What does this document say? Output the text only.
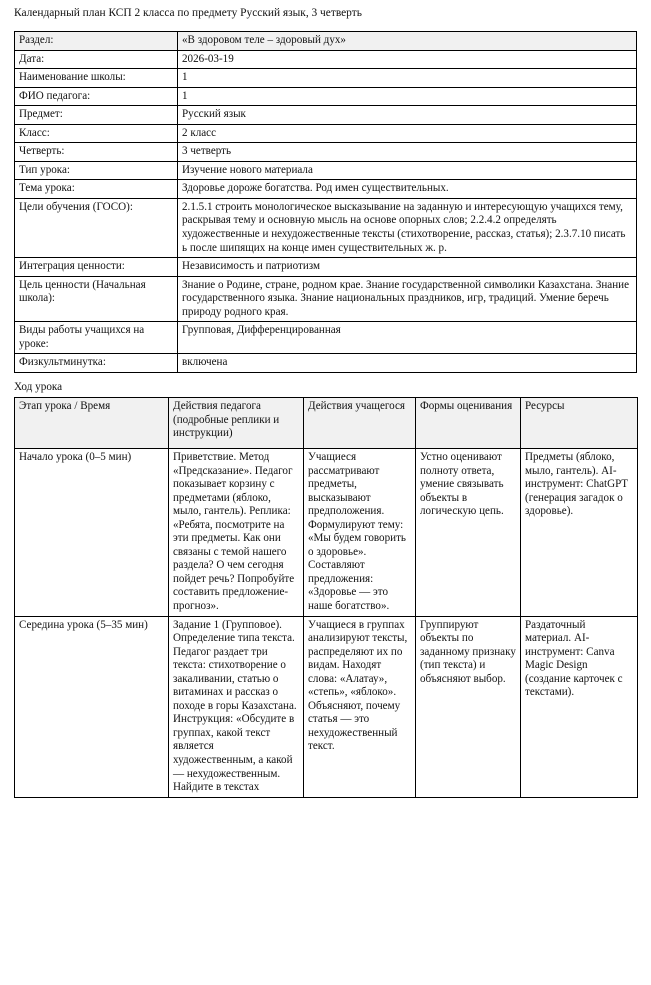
Календарный план КСП 2 класса по предмету Русский язык, 3 четверть
Раздел:	«В здоровом теле – здоровый дух»
Дата:	2026-03-19
Наименование школы:	1
ФИО педагога:	1
Предмет:	Русский язык
Класс:	2 класс
Четверть:	3 четверть
Тип урока:	Изучение нового материала
Тема урока:	Здоровье дороже богатства. Род имен существительных.
Цели обучения (ГОСО):	2.1.5.1 строить монологическое высказывание на заданную и интересующую учащихся тему, раскрывая тему и основную мысль на основе опорных слов; 2.2.4.2 определять художественные и нехудожественные тексты (стихотворение, рассказ, статья); 2.3.7.10 писать ь после шипящих на конце имен существительных ж. р.
Интеграция ценности:	Независимость и патриотизм
Цель ценности (Начальная школа):	Знание о Родине, стране, родном крае. Знание государственной символики Казахстана. Знание государственного языка. Знание национальных праздников, игр, традиций. Умение беречь природу родного края.
Виды работы учащихся на уроке:	Групповая, Дифференцированная
Физкультминутка:	включена
Ход урока
Этап урока / Время	Действия педагога (подробные реплики и инструкции)	Действия учащегося	Формы оценивания	Ресурсы
Начало урока (0–5 мин)	Приветствие. Метод «Предсказание». Педагог показывает корзину с предметами (яблоко, мыло, гантель). Реплика: «Ребята, посмотрите на эти предметы. Как они связаны с темой нашего раздела? О чем сегодня пойдет речь? Попробуйте составить предложение-прогноз».	Учащиеся рассматривают предметы, высказывают предположения. Формулируют тему: «Мы будем говорить о здоровье». Составляют предложения: «Здоровье — это наше богатство».	Устно оценивают полноту ответа, умение связывать объекты в логическую цепь.	Предметы (яблоко, мыло, гантель). AI-инструмент: ChatGPT (генерация загадок о здоровье).
Середина урока (5–35 мин)	Задание 1 (Групповое). Определение типа текста. Педагог раздает три текста: стихотворение о закаливании, статью о витаминах и рассказ о походе в горы Казахстана. Инструкция: «Обсудите в группах, какой текст является художественным, а какой — нехудожественным. Найдите в текстах	Учащиеся в группах анализируют тексты, распределяют их по видам. Находят слова: «Алатау», «степь», «яблоко». Объясняют, почему статья — это нехудожественный текст.	Группируют объекты по заданному признаку (тип текста) и объясняют выбор.	Раздаточный материал. AI-инструмент: Canva Magic Design (создание карточек с текстами).
